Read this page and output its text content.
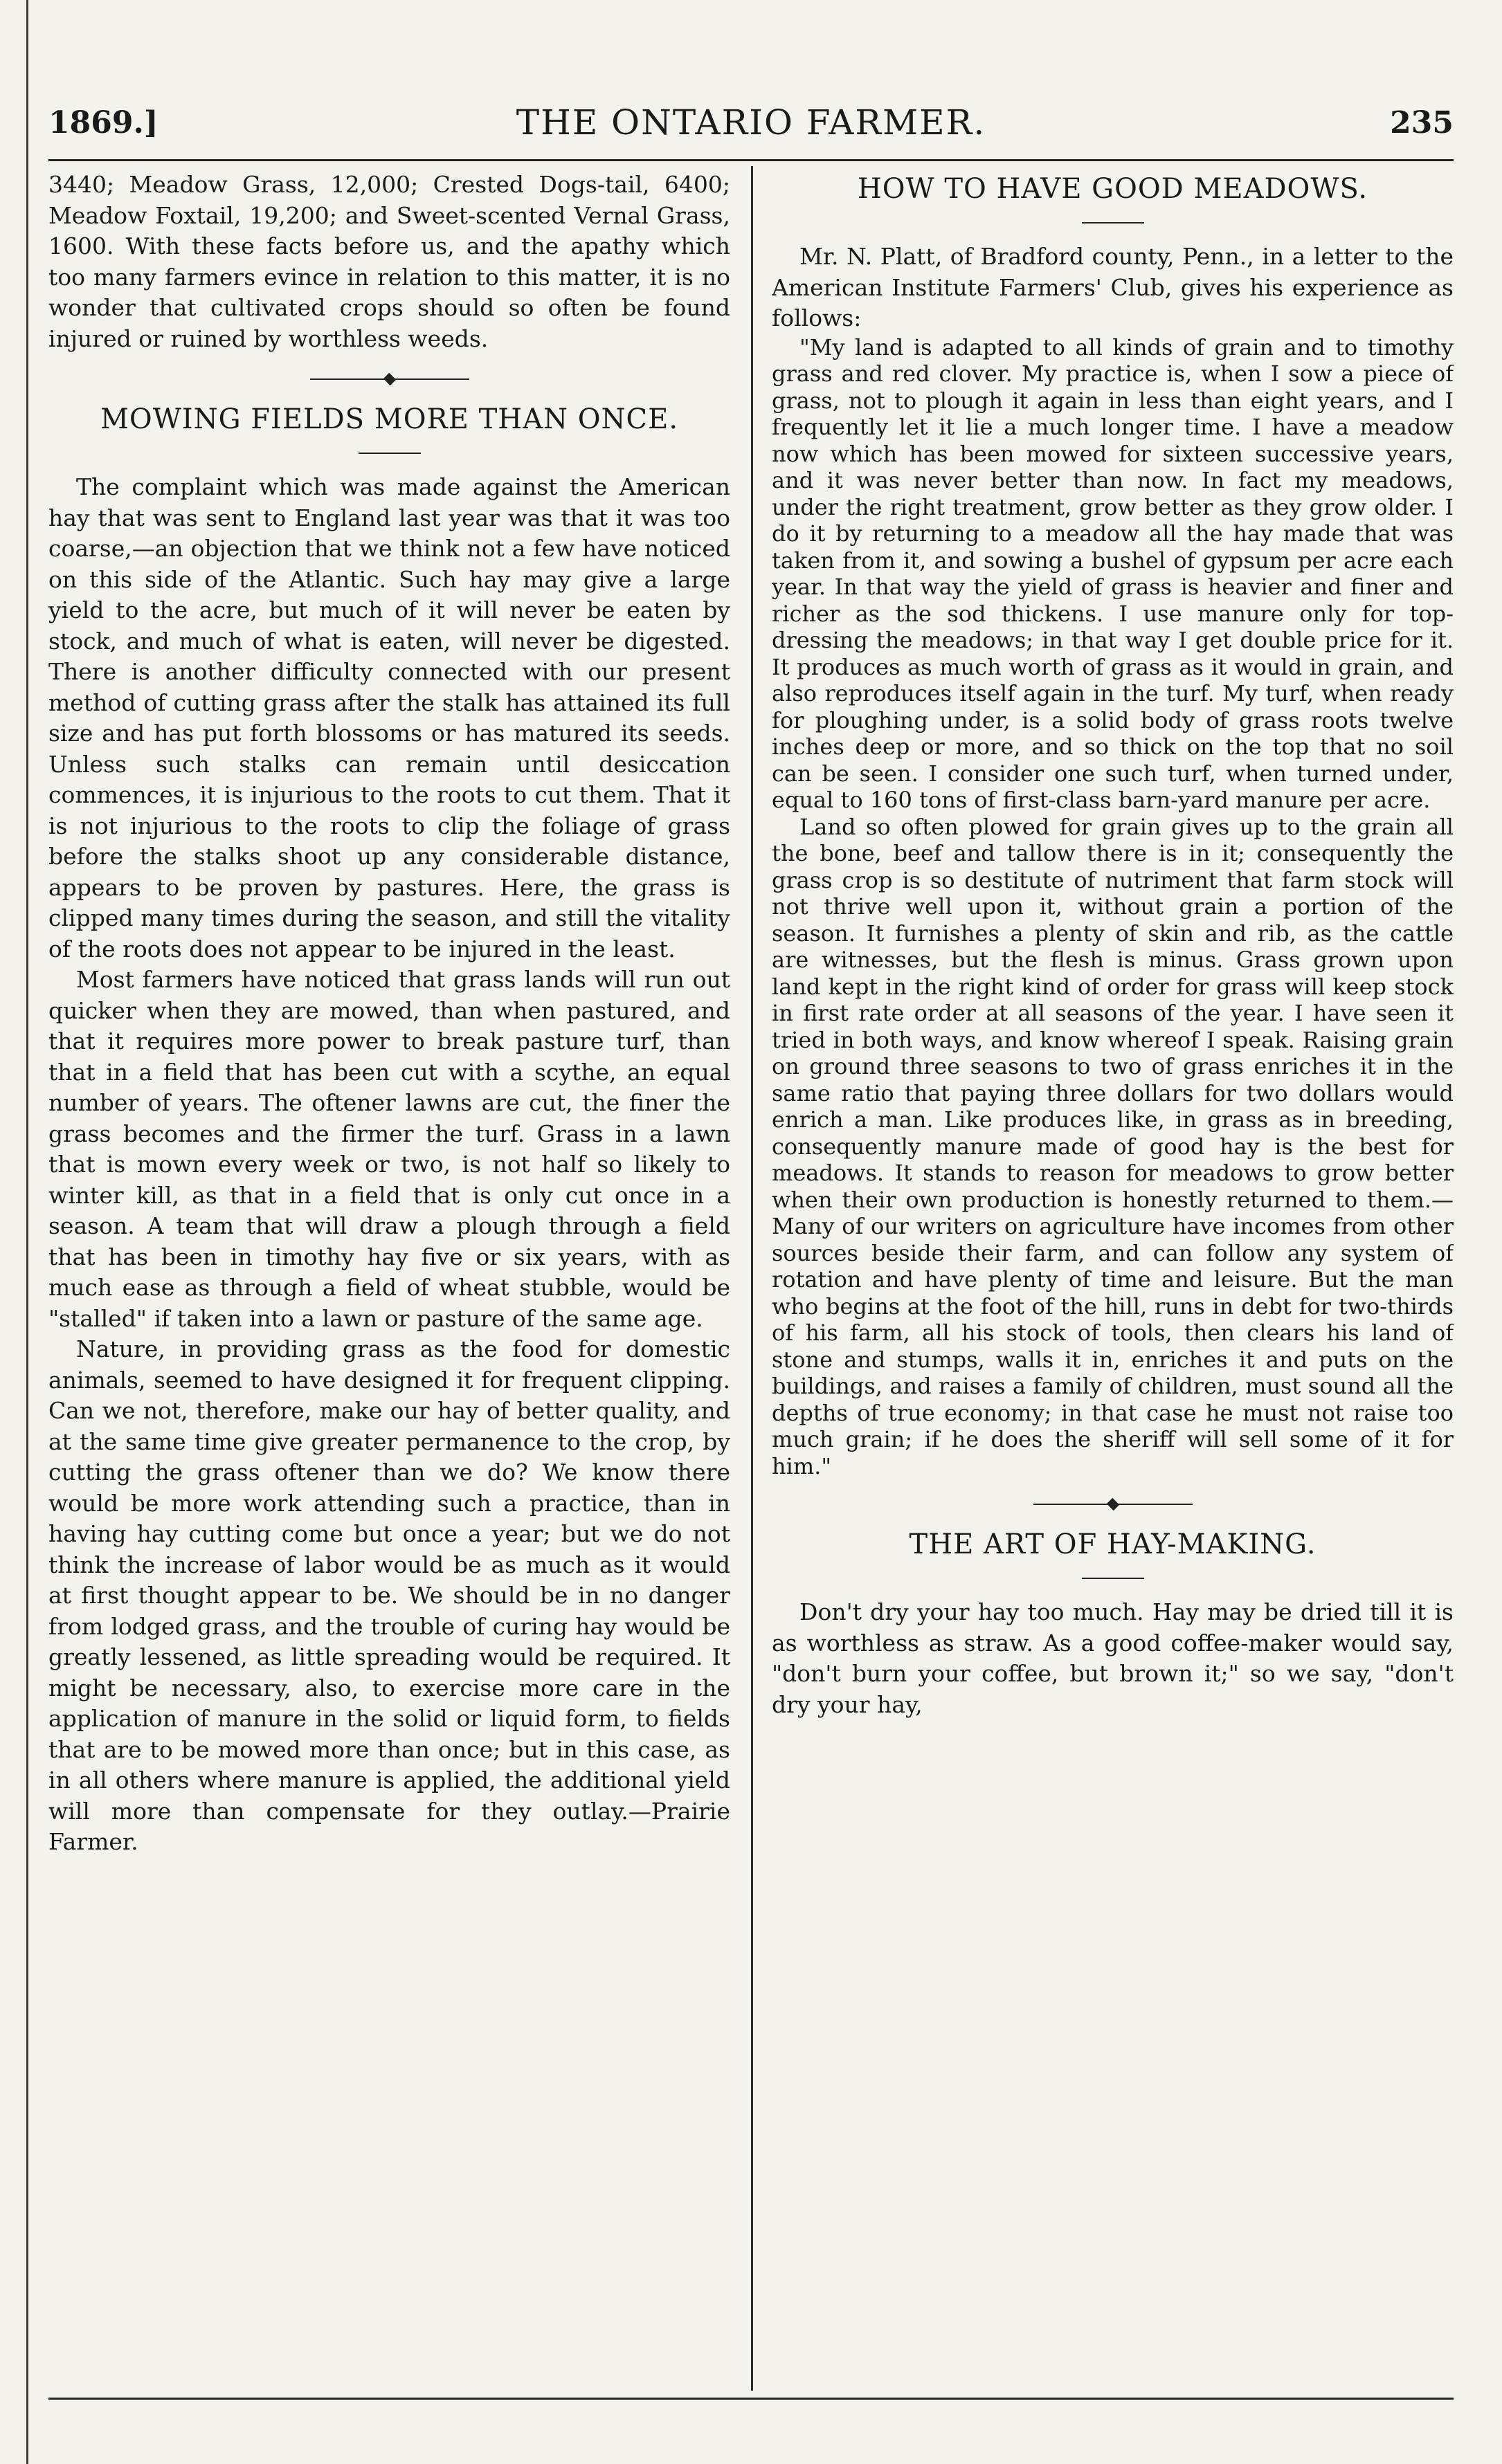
1869.]	THE ONTARIO FARMER.	235

3440; Meadow Grass, 12,000; Crested Dogs-tail, 6400; Meadow Foxtail, 19,200; and Sweet-scented Vernal Grass, 1600. With these facts before us, and the apathy which too many farmers evince in relation to this matter, it is no wonder that cultivated crops should so often be found injured or ruined by worthless weeds.

MOWING FIELDS MORE THAN ONCE.

The complaint which was made against the American hay that was sent to England last year was that it was too coarse,—an objection that we think not a few have noticed on this side of the Atlantic. Such hay may give a large yield to the acre, but much of it will never be eaten by stock, and much of what is eaten, will never be digested. There is another difficulty connected with our present method of cutting grass after the stalk has attained its full size and has put forth blossoms or has matured its seeds. Unless such stalks can remain until desiccation commences, it is injurious to the roots to cut them. That it is not injurious to the roots to clip the foliage of grass before the stalks shoot up any considerable distance, appears to be proven by pastures. Here, the grass is clipped many times during the season, and still the vitality of the roots does not appear to be injured in the least.

Most farmers have noticed that grass lands will run out quicker when they are mowed, than when pastured, and that it requires more power to break pasture turf, than that in a field that has been cut with a scythe, an equal number of years. The oftener lawns are cut, the finer the grass becomes and the firmer the turf. Grass in a lawn that is mown every week or two, is not half so likely to winter kill, as that in a field that is only cut once in a season. A team that will draw a plough through a field that has been in timothy hay five or six years, with as much ease as through a field of wheat stubble, would be "stalled" if taken into a lawn or pasture of the same age.

Nature, in providing grass as the food for domestic animals, seemed to have designed it for frequent clipping. Can we not, therefore, make our hay of better quality, and at the same time give greater permanence to the crop, by cutting the grass oftener than we do? We know there would be more work attending such a practice, than in having hay cutting come but once a year; but we do not think the increase of labor would be as much as it would at first thought appear to be. We should be in no danger from lodged grass, and the trouble of curing hay would be greatly lessened, as little spreading would be required. It might be necessary, also, to exercise more care in the application of manure in the solid or liquid form, to fields that are to be mowed more than once; but in this case, as in all others where manure is applied, the additional yield will more than compensate for they outlay.—Prairie Farmer.

HOW TO HAVE GOOD MEADOWS.

Mr. N. Platt, of Bradford county, Penn., in a letter to the American Institute Farmers' Club, gives his experience as follows:

"My land is adapted to all kinds of grain and to timothy grass and red clover. My practice is, when I sow a piece of grass, not to plough it again in less than eight years, and I frequently let it lie a much longer time. I have a meadow now which has been mowed for sixteen successive years, and it was never better than now. In fact my meadows, under the right treatment, grow better as they grow older. I do it by returning to a meadow all the hay made that was taken from it, and sowing a bushel of gypsum per acre each year. In that way the yield of grass is heavier and finer and richer as the sod thickens. I use manure only for top-dressing the meadows; in that way I get double price for it. It produces as much worth of grass as it would in grain, and also reproduces itself again in the turf. My turf, when ready for ploughing under, is a solid body of grass roots twelve inches deep or more, and so thick on the top that no soil can be seen. I consider one such turf, when turned under, equal to 160 tons of first-class barn-yard manure per acre.

Land so often plowed for grain gives up to the grain all the bone, beef and tallow there is in it; consequently the grass crop is so destitute of nutriment that farm stock will not thrive well upon it, without grain a portion of the season. It furnishes a plenty of skin and rib, as the cattle are witnesses, but the flesh is minus. Grass grown upon land kept in the right kind of order for grass will keep stock in first rate order at all seasons of the year. I have seen it tried in both ways, and know whereof I speak. Raising grain on ground three seasons to two of grass enriches it in the same ratio that paying three dollars for two dollars would enrich a man. Like produces like, in grass as in breeding, consequently manure made of good hay is the best for meadows. It stands to reason for meadows to grow better when their own production is honestly returned to them.—Many of our writers on agriculture have incomes from other sources beside their farm, and can follow any system of rotation and have plenty of time and leisure. But the man who begins at the foot of the hill, runs in debt for two-thirds of his farm, all his stock of tools, then clears his land of stone and stumps, walls it in, enriches it and puts on the buildings, and raises a family of children, must sound all the depths of true economy; in that case he must not raise too much grain; if he does the sheriff will sell some of it for him."

THE ART OF HAY-MAKING.

Don't dry your hay too much. Hay may be dried till it is as worthless as straw. As a good coffee-maker would say, "don't burn your coffee, but brown it;" so we say, "don't dry your hay,
